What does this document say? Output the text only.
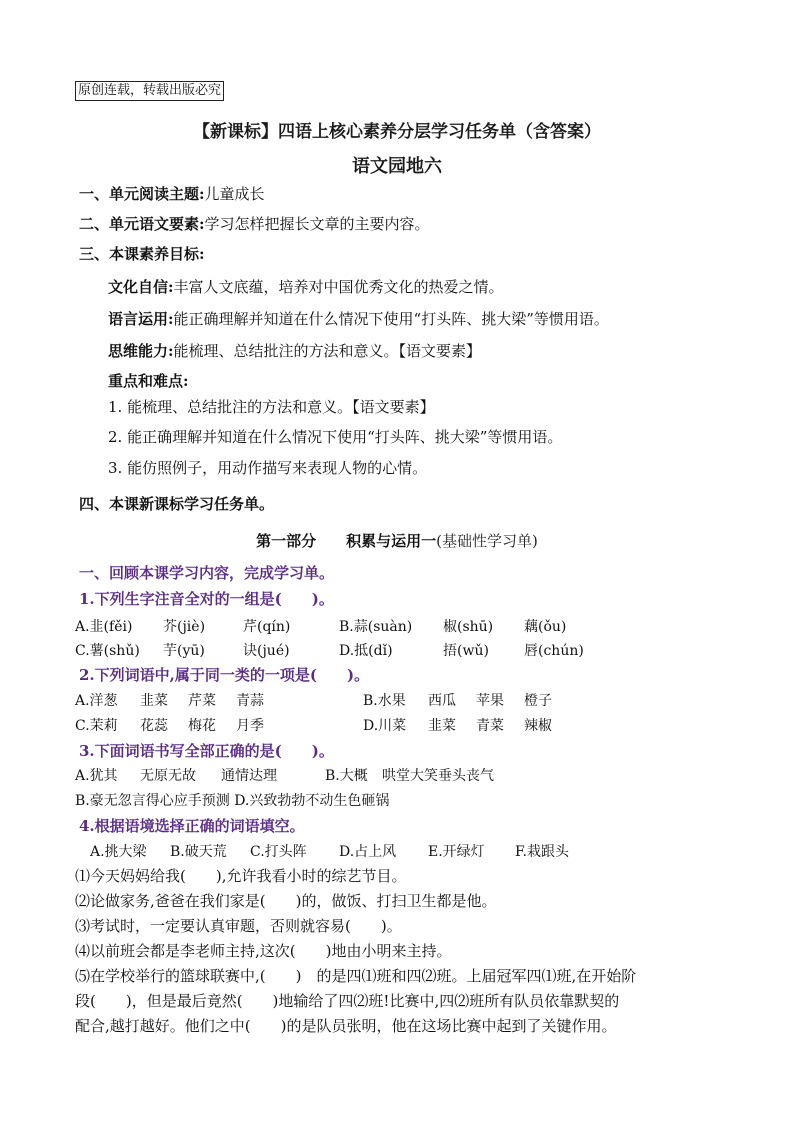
原创连载，转载出版必究
【新课标】四语上核心素养分层学习任务单（含答案）
语文园地六
一、单元阅读主题:儿童成长
二、单元语文要素:学习怎样把握长文章的主要内容。
三、本课素养目标:
文化自信:丰富人文底蕴，培养对中国优秀文化的热爱之情。
语言运用:能正确理解并知道在什么情况下使用“打头阵、挑大梁”等惯用语。
思维能力:能梳理、总结批注的方法和意义。【语文要素】
重点和难点:
1. 能梳理、总结批注的方法和意义。【语文要素】
2. 能正确理解并知道在什么情况下使用“打头阵、挑大梁”等惯用语。
3. 能仿照例子，用动作描写来表现人物的心情。
四、本课新课标学习任务单。
第一部分　　积累与运用一(基础性学习单)
一、回顾本课学习内容，完成学习单。
1.下列生字注音全对的一组是(　　)。
A.韭(fěi) 芥(jiè)	芹(qín)	B.蒜(suàn) 椒(shū) 藕(ǒu)
C.薯(shǔ) 芋(yū)	诀(jué)	D.抵(dǐ)	捂(wǔ)	唇(chún)
2.下列词语中,属于同一类的一项是(　　)。
A.洋葱 韭菜 芹菜 青蒜	B.水果 西瓜 苹果 橙子
C.茉莉 花蕊 梅花 月季	D.川菜 韭菜 青菜 辣椒
3.下面词语书写全部正确的是(　　)。
A.犹其 无原无故 通情达理	B.大概 哄堂大笑垂头丧气
B.豪无忽言得心应手预测 D.兴致勃勃不动生色砸锅
4.根据语境选择正确的词语填空。
A.挑大梁 B.破天荒 C.打头阵 D.占上风 E.开绿灯 F.栽跟头
⑴今天妈妈给我(　　),允许我看小时的综艺节目。
⑵论做家务,爸爸在我们家是(　　)的，做饭、打扫卫生都是他。
⑶考试时，一定要认真审题，否则就容易(　　)。
⑷以前班会都是李老师主持,这次(　　)地由小明来主持。
⑸在学校举行的篮球联赛中,(　　)　的是四⑴班和四⑵班。上届冠军四⑴班,在开始阶
段(　　)，但是最后竟然(　　)地输给了四⑵班!比赛中,四⑵班所有队员依靠默契的
配合,越打越好。他们之中(　　)的是队员张明，他在这场比赛中起到了关键作用。
